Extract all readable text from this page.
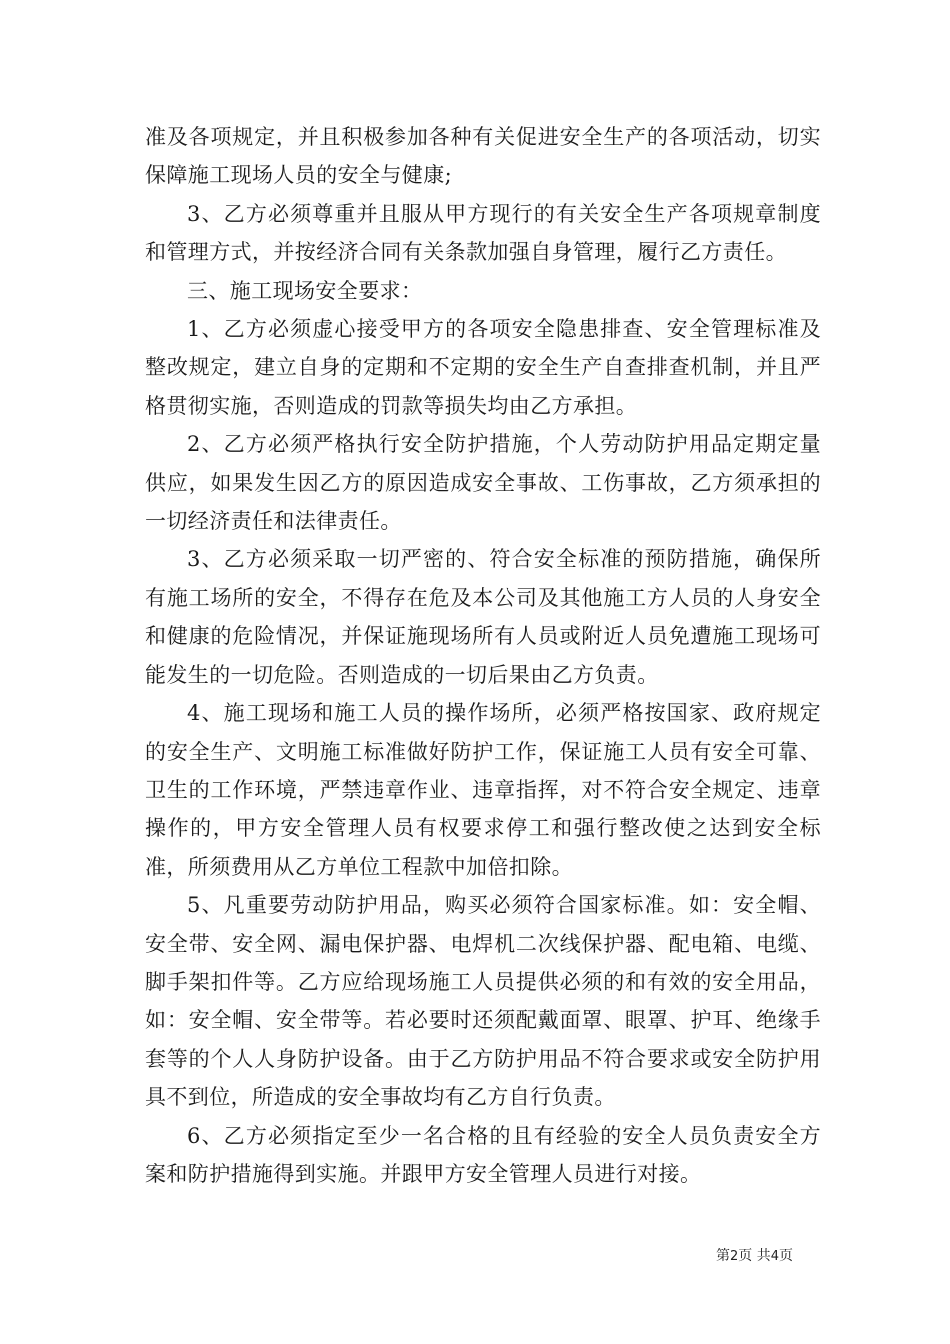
准及各项规定，并且积极参加各种有关促进安全生产的各项活动，切实保障施工现场人员的安全与健康;

3、乙方必须尊重并且服从甲方现行的有关安全生产各项规章制度和管理方式，并按经济合同有关条款加强自身管理，履行乙方责任。

三、施工现场安全要求：

1、乙方必须虚心接受甲方的各项安全隐患排查、安全管理标准及整改规定，建立自身的定期和不定期的安全生产自查排查机制，并且严格贯彻实施，否则造成的罚款等损失均由乙方承担。

2、乙方必须严格执行安全防护措施，个人劳动防护用品定期定量供应，如果发生因乙方的原因造成安全事故、工伤事故，乙方须承担的一切经济责任和法律责任。

3、乙方必须采取一切严密的、符合安全标准的预防措施，确保所有施工场所的安全，不得存在危及本公司及其他施工方人员的人身安全和健康的危险情况，并保证施现场所有人员或附近人员免遭施工现场可能发生的一切危险。否则造成的一切后果由乙方负责。

4、施工现场和施工人员的操作场所，必须严格按国家、政府规定的安全生产、文明施工标准做好防护工作，保证施工人员有安全可靠、卫生的工作环境，严禁违章作业、违章指挥，对不符合安全规定、违章操作的，甲方安全管理人员有权要求停工和强行整改使之达到安全标准，所须费用从乙方单位工程款中加倍扣除。

5、凡重要劳动防护用品，购买必须符合国家标准。如：安全帽、安全带、安全网、漏电保护器、电焊机二次线保护器、配电箱、电缆、脚手架扣件等。乙方应给现场施工人员提供必须的和有效的安全用品，如：安全帽、安全带等。若必要时还须配戴面罩、眼罩、护耳、绝缘手套等的个人人身防护设备。由于乙方防护用品不符合要求或安全防护用具不到位，所造成的安全事故均有乙方自行负责。

6、乙方必须指定至少一名合格的且有经验的安全人员负责安全方案和防护措施得到实施。并跟甲方安全管理人员进行对接。

第2页 共4页
